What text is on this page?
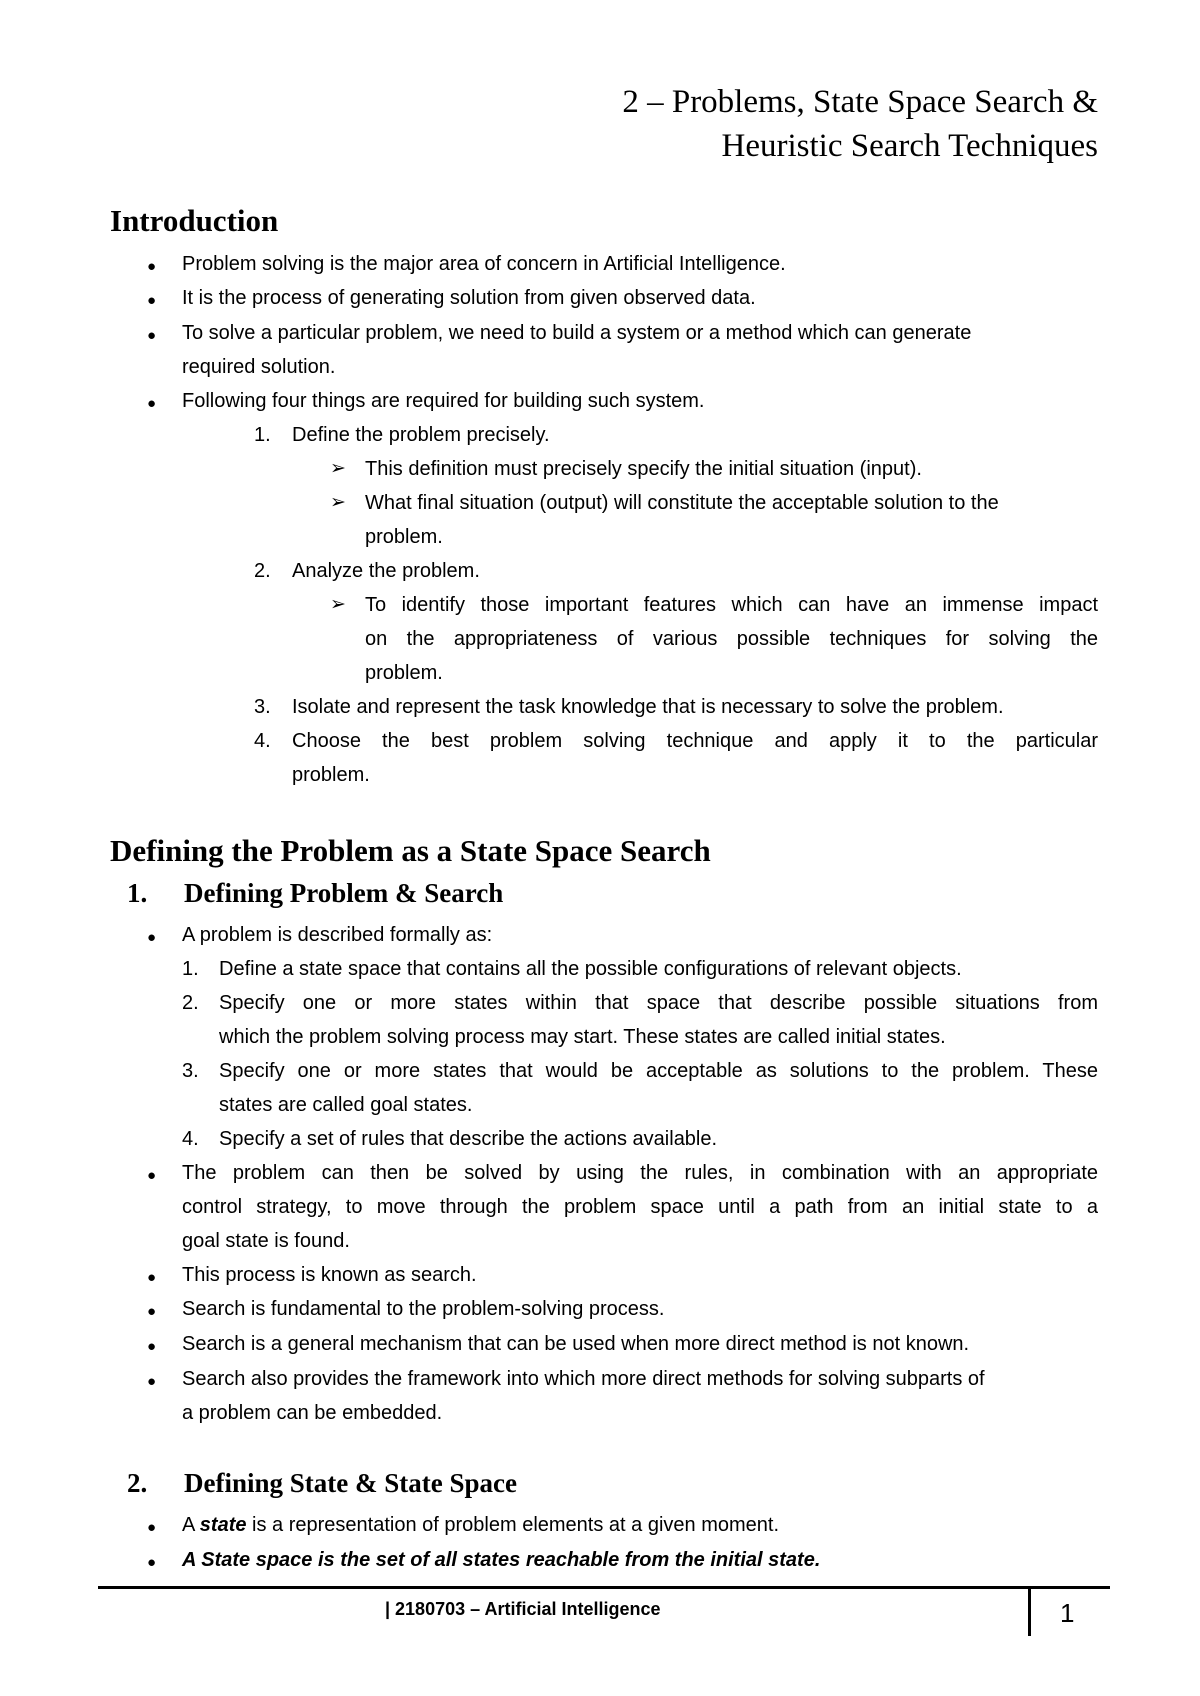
2 – Problems, State Space Search &
Heuristic Search Techniques
Introduction
● Problem solving is the major area of concern in Artificial Intelligence.
● It is the process of generating solution from given observed data.
● To solve a particular problem, we need to build a system or a method which can generate
required solution.
● Following four things are required for building such system.
1. Define the problem precisely.
➢ This definition must precisely specify the initial situation (input).
➢ What final situation (output) will constitute the acceptable solution to the
problem.
2. Analyze the problem.
➢ To identify those important features which can have an immense impact
on the appropriateness of various possible techniques for solving the
problem.
3. Isolate and represent the task knowledge that is necessary to solve the problem.
4. Choose the best problem solving technique and apply it to the particular
problem.
Defining the Problem as a State Space Search
1. Defining Problem & Search
● A problem is described formally as:
1. Define a state space that contains all the possible configurations of relevant objects.
2. Specify one or more states within that space that describe possible situations from
which the problem solving process may start. These states are called initial states.
3. Specify one or more states that would be acceptable as solutions to the problem. These
states are called goal states.
4. Specify a set of rules that describe the actions available.
● The problem can then be solved by using the rules, in combination with an appropriate
control strategy, to move through the problem space until a path from an initial state to a
goal state is found.
● This process is known as search.
● Search is fundamental to the problem-solving process.
● Search is a general mechanism that can be used when more direct method is not known.
● Search also provides the framework into which more direct methods for solving subparts of
a problem can be embedded.
2. Defining State & State Space
● A state is a representation of problem elements at a given moment.
● A State space is the set of all states reachable from the initial state.
| 2180703 – Artificial Intelligence	1
